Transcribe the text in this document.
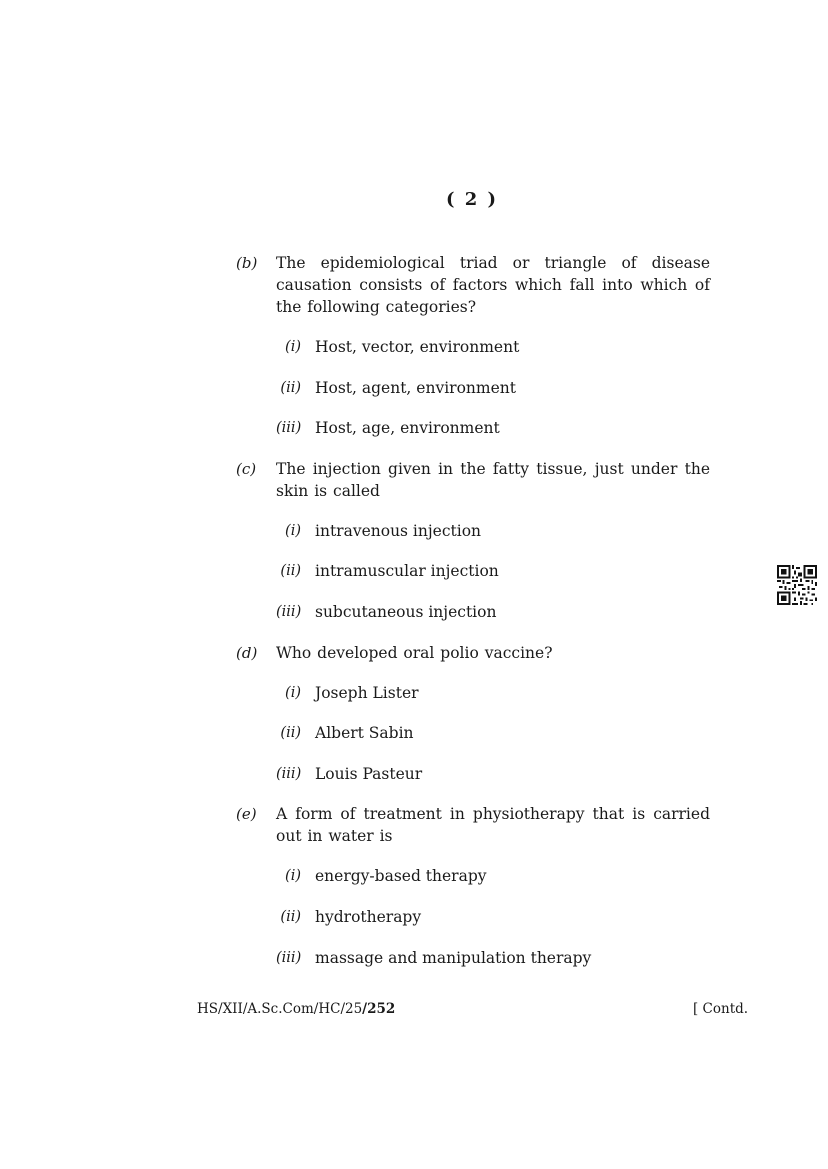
( 2 )
(b) The epidemiological triad or triangle of disease causation consists of factors which fall into which of the following categories?
(i) Host, vector, environment
(ii) Host, agent, environment
(iii) Host, age, environment
(c) The injection given in the fatty tissue, just under the skin is called
(i) intravenous injection
(ii) intramuscular injection
(iii) subcutaneous injection
(d) Who developed oral polio vaccine?
(i) Joseph Lister
(ii) Albert Sabin
(iii) Louis Pasteur
(e) A form of treatment in physiotherapy that is carried out in water is
(i) energy-based therapy
(ii) hydrotherapy
(iii) massage and manipulation therapy
HS/XII/A.Sc.Com/HC/25/252	[ Contd.
